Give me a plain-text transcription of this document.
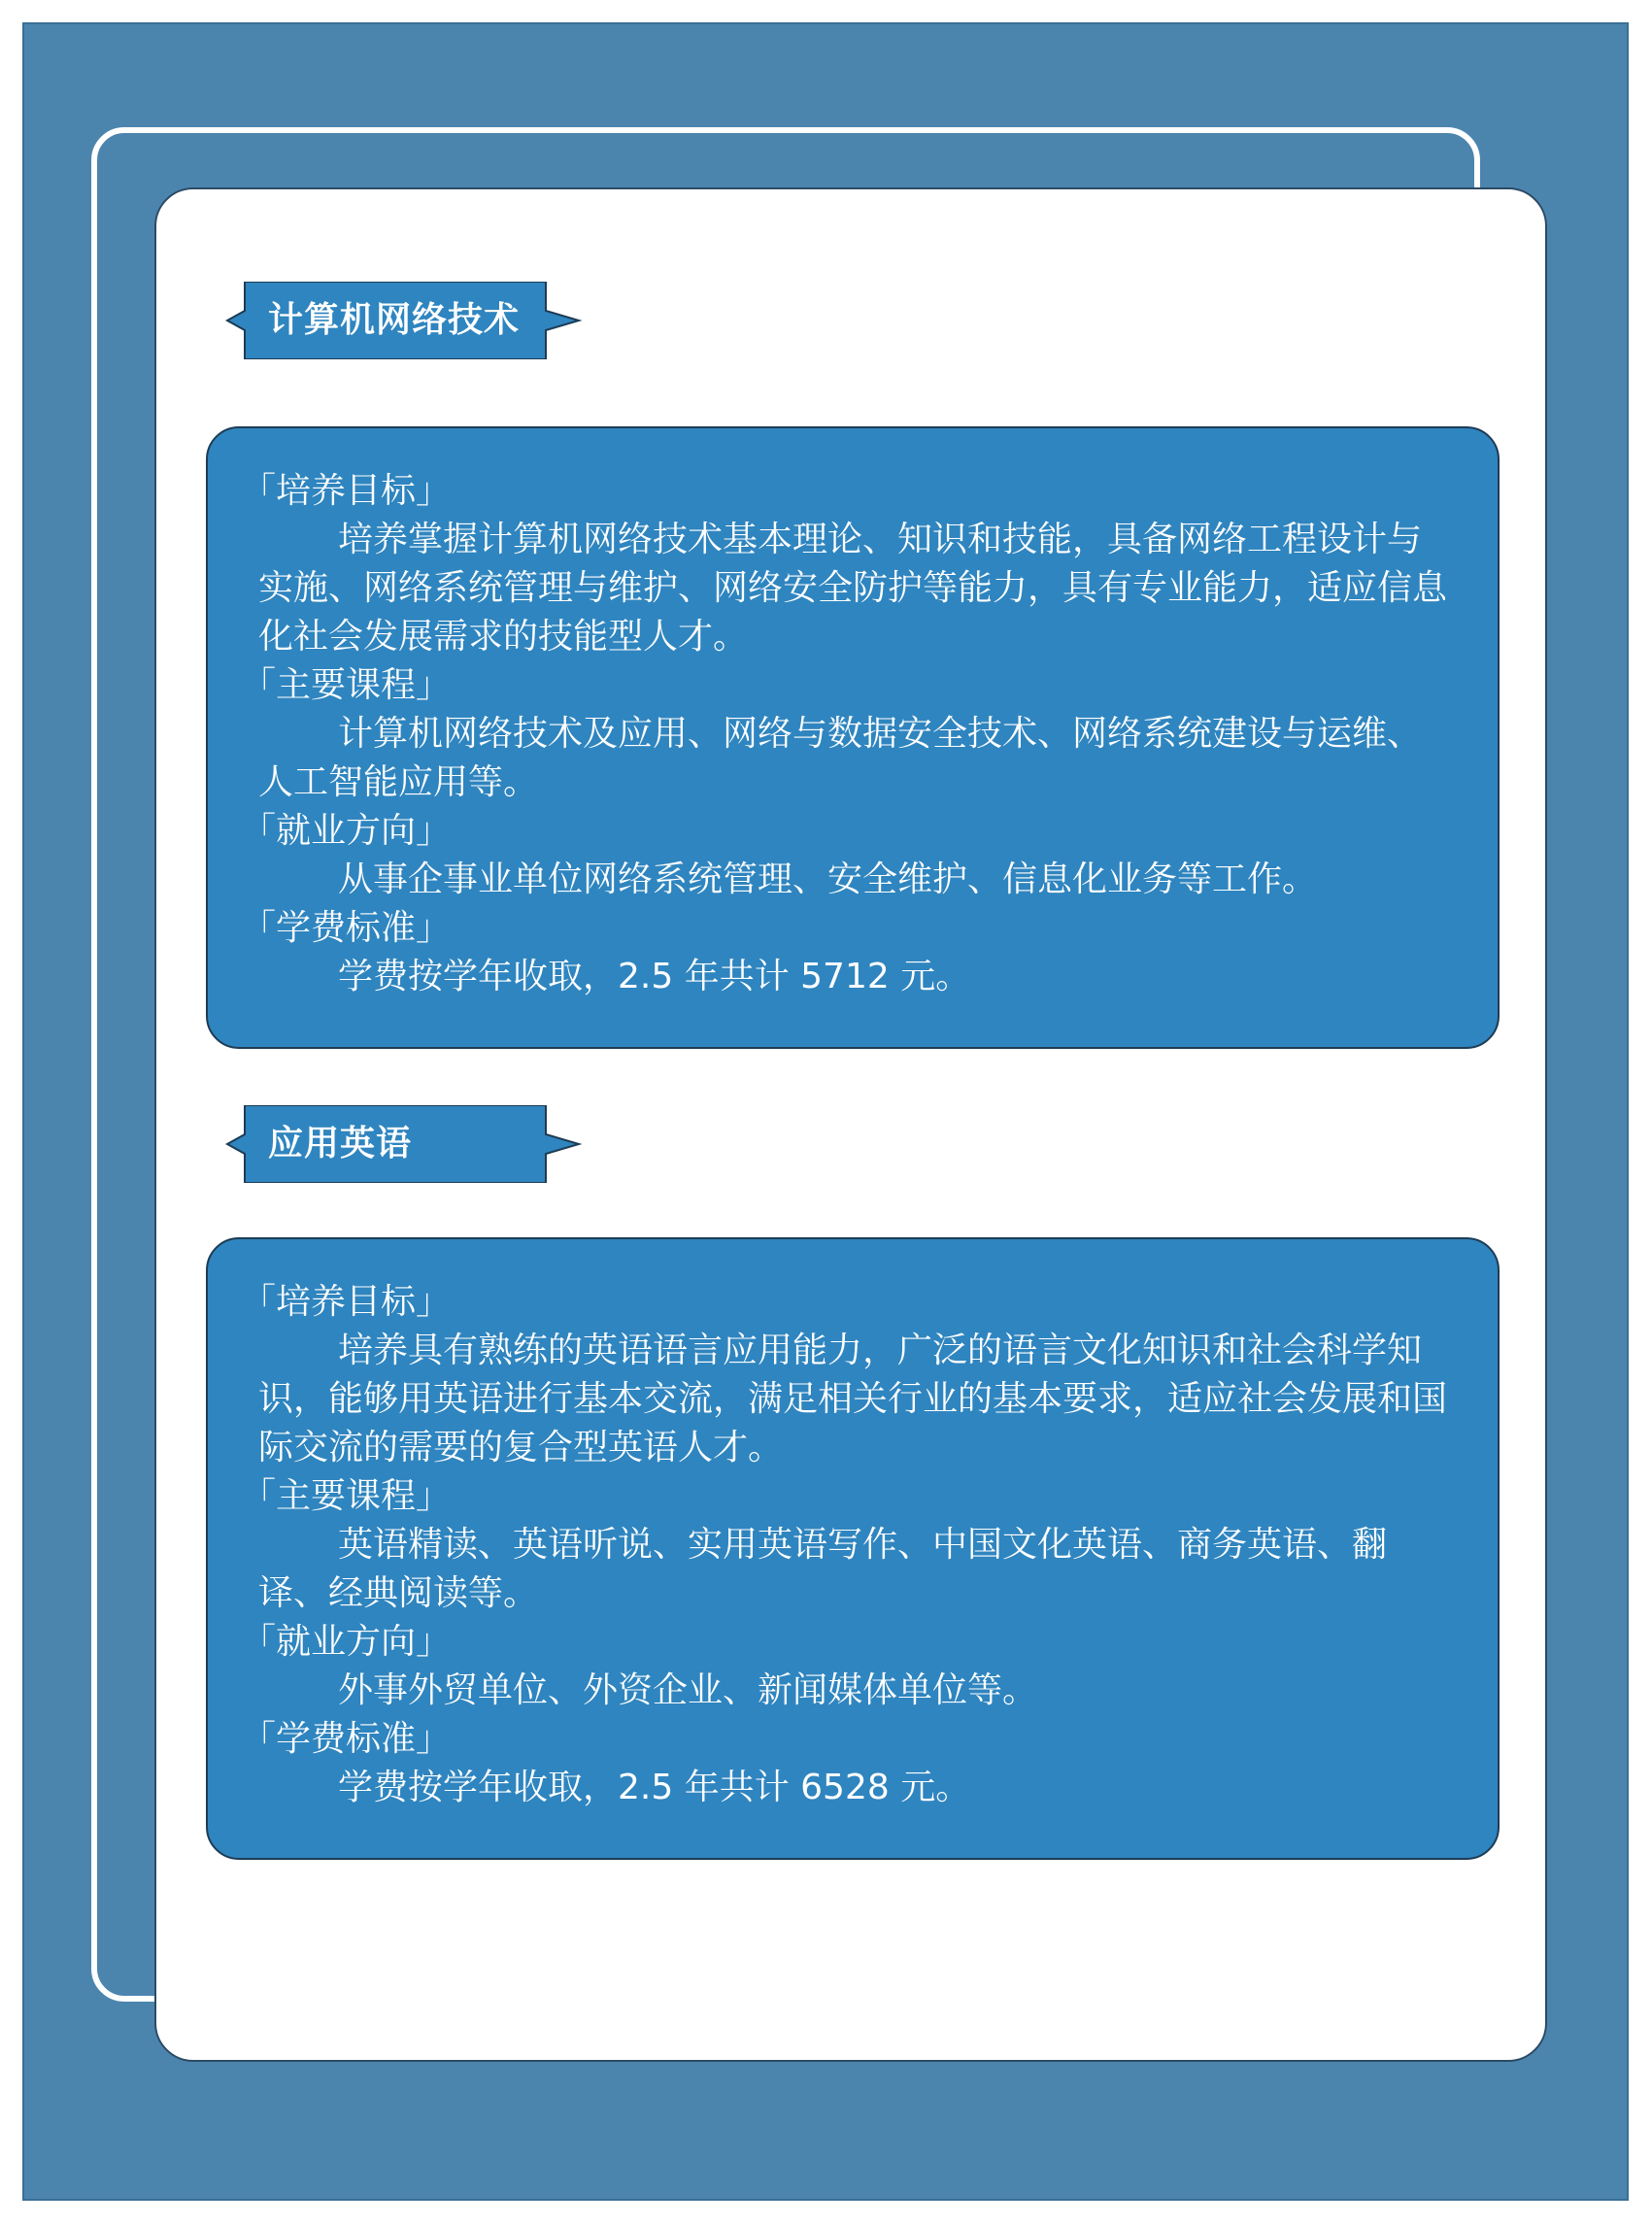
计算机网络技术
「培养目标」
培养掌握计算机网络技术基本理论、知识和技能，具备网络工程设计与实施、网络系统管理与维护、网络安全防护等能力，具有专业能力，适应信息化社会发展需求的技能型人才。
「主要课程」
计算机网络技术及应用、网络与数据安全技术、网络系统建设与运维、人工智能应用等。
「就业方向」
从事企事业单位网络系统管理、安全维护、信息化业务等工作。
「学费标准」
学费按学年收取，2.5 年共计 5712 元。
应用英语
「培养目标」
培养具有熟练的英语语言应用能力，广泛的语言文化知识和社会科学知识，能够用英语进行基本交流，满足相关行业的基本要求，适应社会发展和国际交流的需要的复合型英语人才。
「主要课程」
英语精读、英语听说、实用英语写作、中国文化英语、商务英语、翻译、经典阅读等。
「就业方向」
外事外贸单位、外资企业、新闻媒体单位等。
「学费标准」
学费按学年收取，2.5 年共计 6528 元。
